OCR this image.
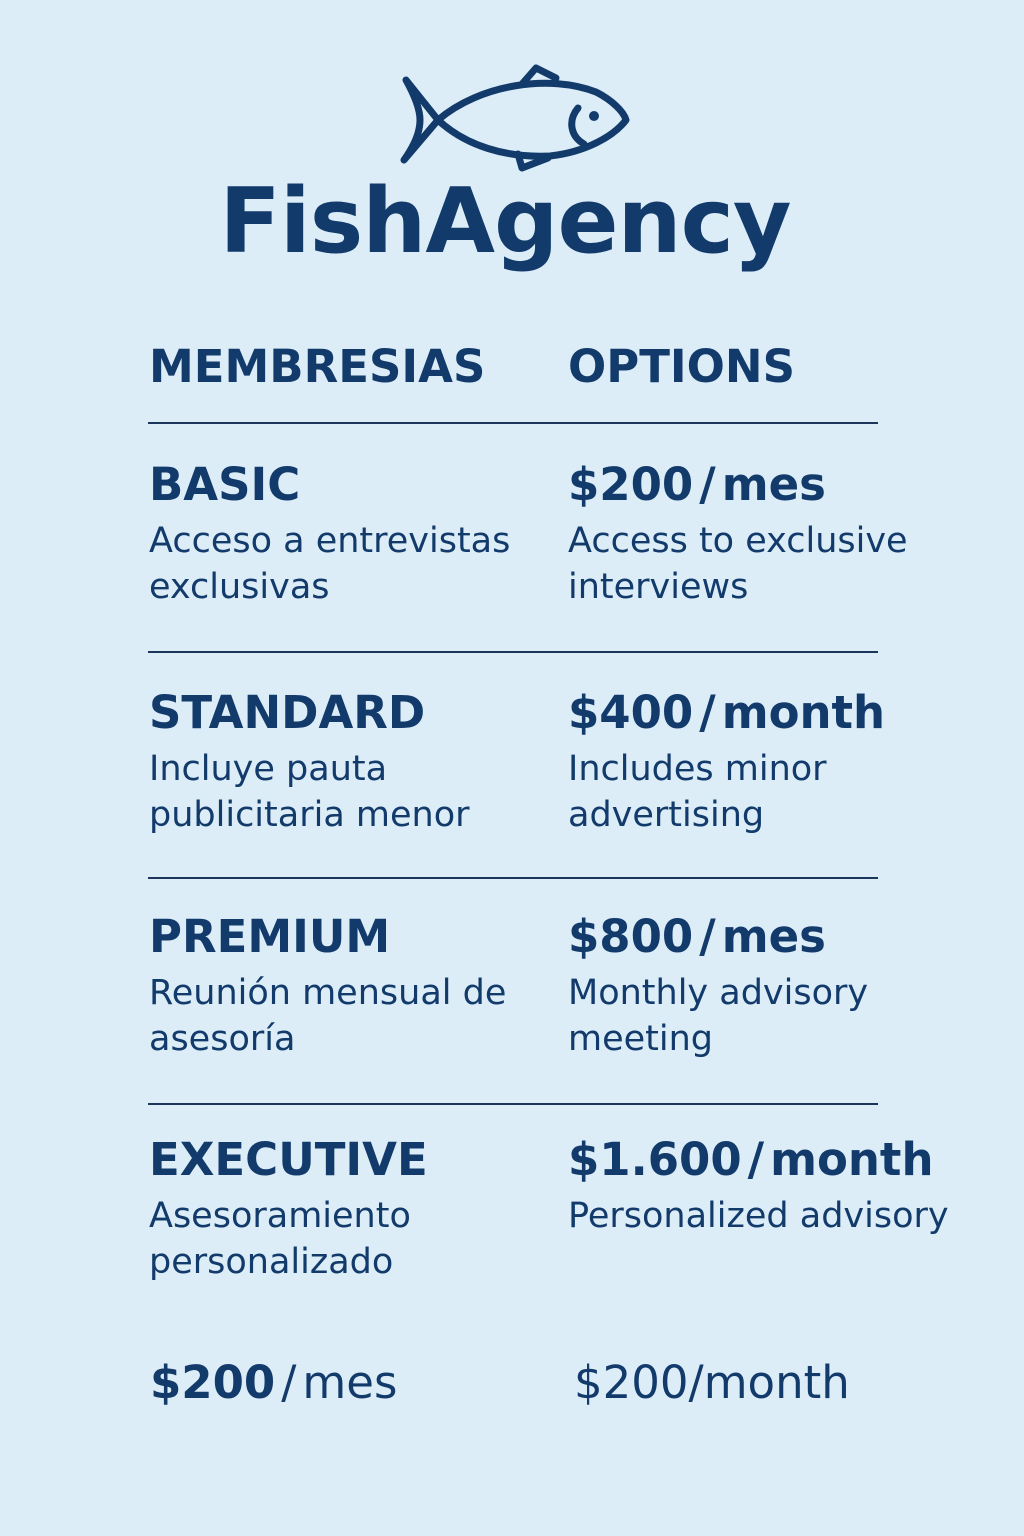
FishAgency
MEMBRESIAS OPTIONS
BASIC
Acceso a entrevistas exclusivas
$200 / mes
Access to exclusive interviews
STANDARD
Incluye pauta publicitaria menor
$400 / month
Includes minor advertising
PREMIUM
Reunión mensual de asesoría
$800 / mes
Monthly advisory meeting
EXECUTIVE
Asesoramiento personalizado
$1.600 / month
Personalized advisory
$200 / mes	$200/month
